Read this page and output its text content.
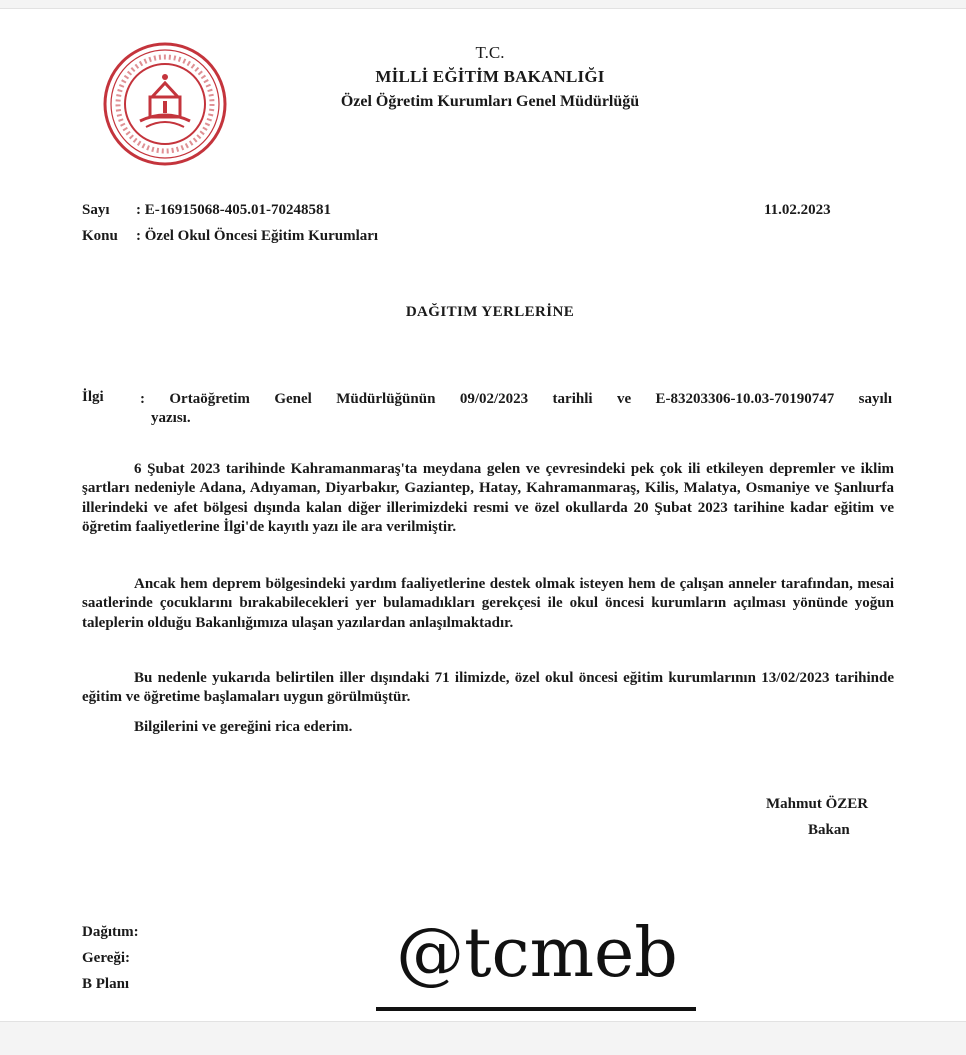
T.C.
MİLLİ EĞİTİM BAKANLIĞI
Özel Öğretim Kurumları Genel Müdürlüğü
Sayı : E-16915068-405.01-70248581
Konu : Özel Okul Öncesi Eğitim Kurumları
11.02.2023
DAĞITIM YERLERİNE
İlgi : Ortaöğretim Genel Müdürlüğünün 09/02/2023 tarihli ve E-83203306-10.03-70190747 sayılı
yazısı.
6 Şubat 2023 tarihinde Kahramanmaraş'ta meydana gelen ve çevresindeki pek çok ili etkileyen depremler ve iklim şartları nedeniyle Adana, Adıyaman, Diyarbakır, Gaziantep, Hatay, Kahramanmaraş, Kilis, Malatya, Osmaniye ve Şanlıurfa illerindeki ve afet bölgesi dışında kalan diğer illerimizdeki resmi ve özel okullarda 20 Şubat 2023 tarihine kadar eğitim ve öğretim faaliyetlerine İlgi'de kayıtlı yazı ile ara verilmiştir.
Ancak hem deprem bölgesindeki yardım faaliyetlerine destek olmak isteyen hem de çalışan anneler tarafından, mesai saatlerinde çocuklarını bırakabilecekleri yer bulamadıkları gerekçesi ile okul öncesi kurumların açılması yönünde yoğun taleplerin olduğu Bakanlığımıza ulaşan yazılardan anlaşılmaktadır.
Bu nedenle yukarıda belirtilen iller dışındaki 71 ilimizde, özel okul öncesi eğitim kurumlarının 13/02/2023 tarihinde eğitim ve öğretime başlamaları uygun görülmüştür.
Bilgilerini ve gereğini rica ederim.
Mahmut ÖZER
Bakan
Dağıtım:
Gereği:
B Planı	@tcmeb
